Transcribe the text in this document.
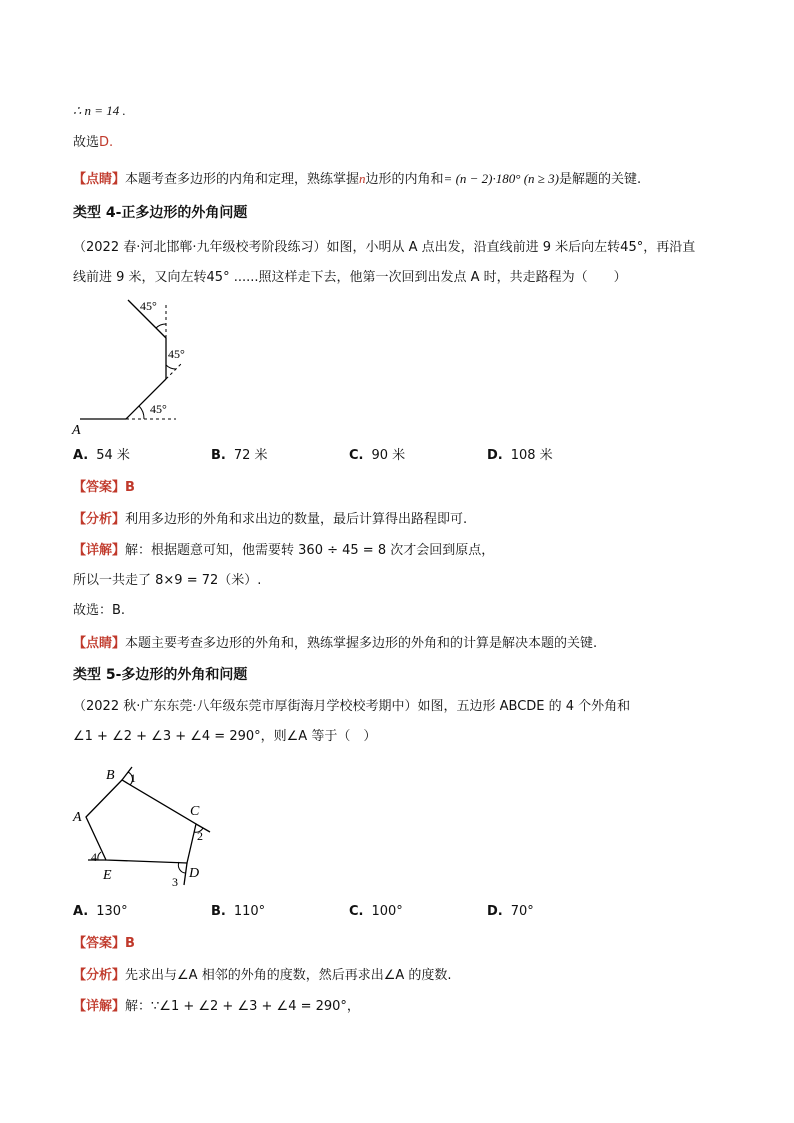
∴ n = 14 .
故选D.
【点睛】本题考查多边形的内角和定理，熟练掌握n边形的内角和= (n − 2)·180° (n ≥ 3)是解题的关键.
类型 4-正多边形的外角问题
（2022 春·河北邯郸·九年级校考阶段练习）如图，小明从 A 点出发，沿直线前进 9 米后向左转45°，再沿直
线前进 9 米，又向左转45° ......照这样走下去，他第一次回到出发点 A 时，共走路程为（　　）
45°
45°
45°
A
A. 54 米	B. 72 米	C. 90 米	D. 108 米
【答案】B
【分析】利用多边形的外角和求出边的数量，最后计算得出路程即可.
【详解】解：根据题意可知，他需要转 360 ÷ 45 = 8 次才会回到原点，
所以一共走了 8×9 = 72（米）.
故选：B.
【点睛】本题主要考查多边形的外角和，熟练掌握多边形的外角和的计算是解决本题的关键.
类型 5-多边形的外角和问题
（2022 秋·广东东莞·八年级东莞市厚街海月学校校考期中）如图，五边形 ABCDE 的 4 个外角和
∠1 + ∠2 + ∠3 + ∠4 = 290°，则∠A 等于（　）
B 1
C
2
A
4
E	D
3
A. 130°	B. 110°	C. 100°	D. 70°
【答案】B
【分析】先求出与∠A 相邻的外角的度数，然后再求出∠A 的度数.
【详解】解：∵∠1 + ∠2 + ∠3 + ∠4 = 290°，
